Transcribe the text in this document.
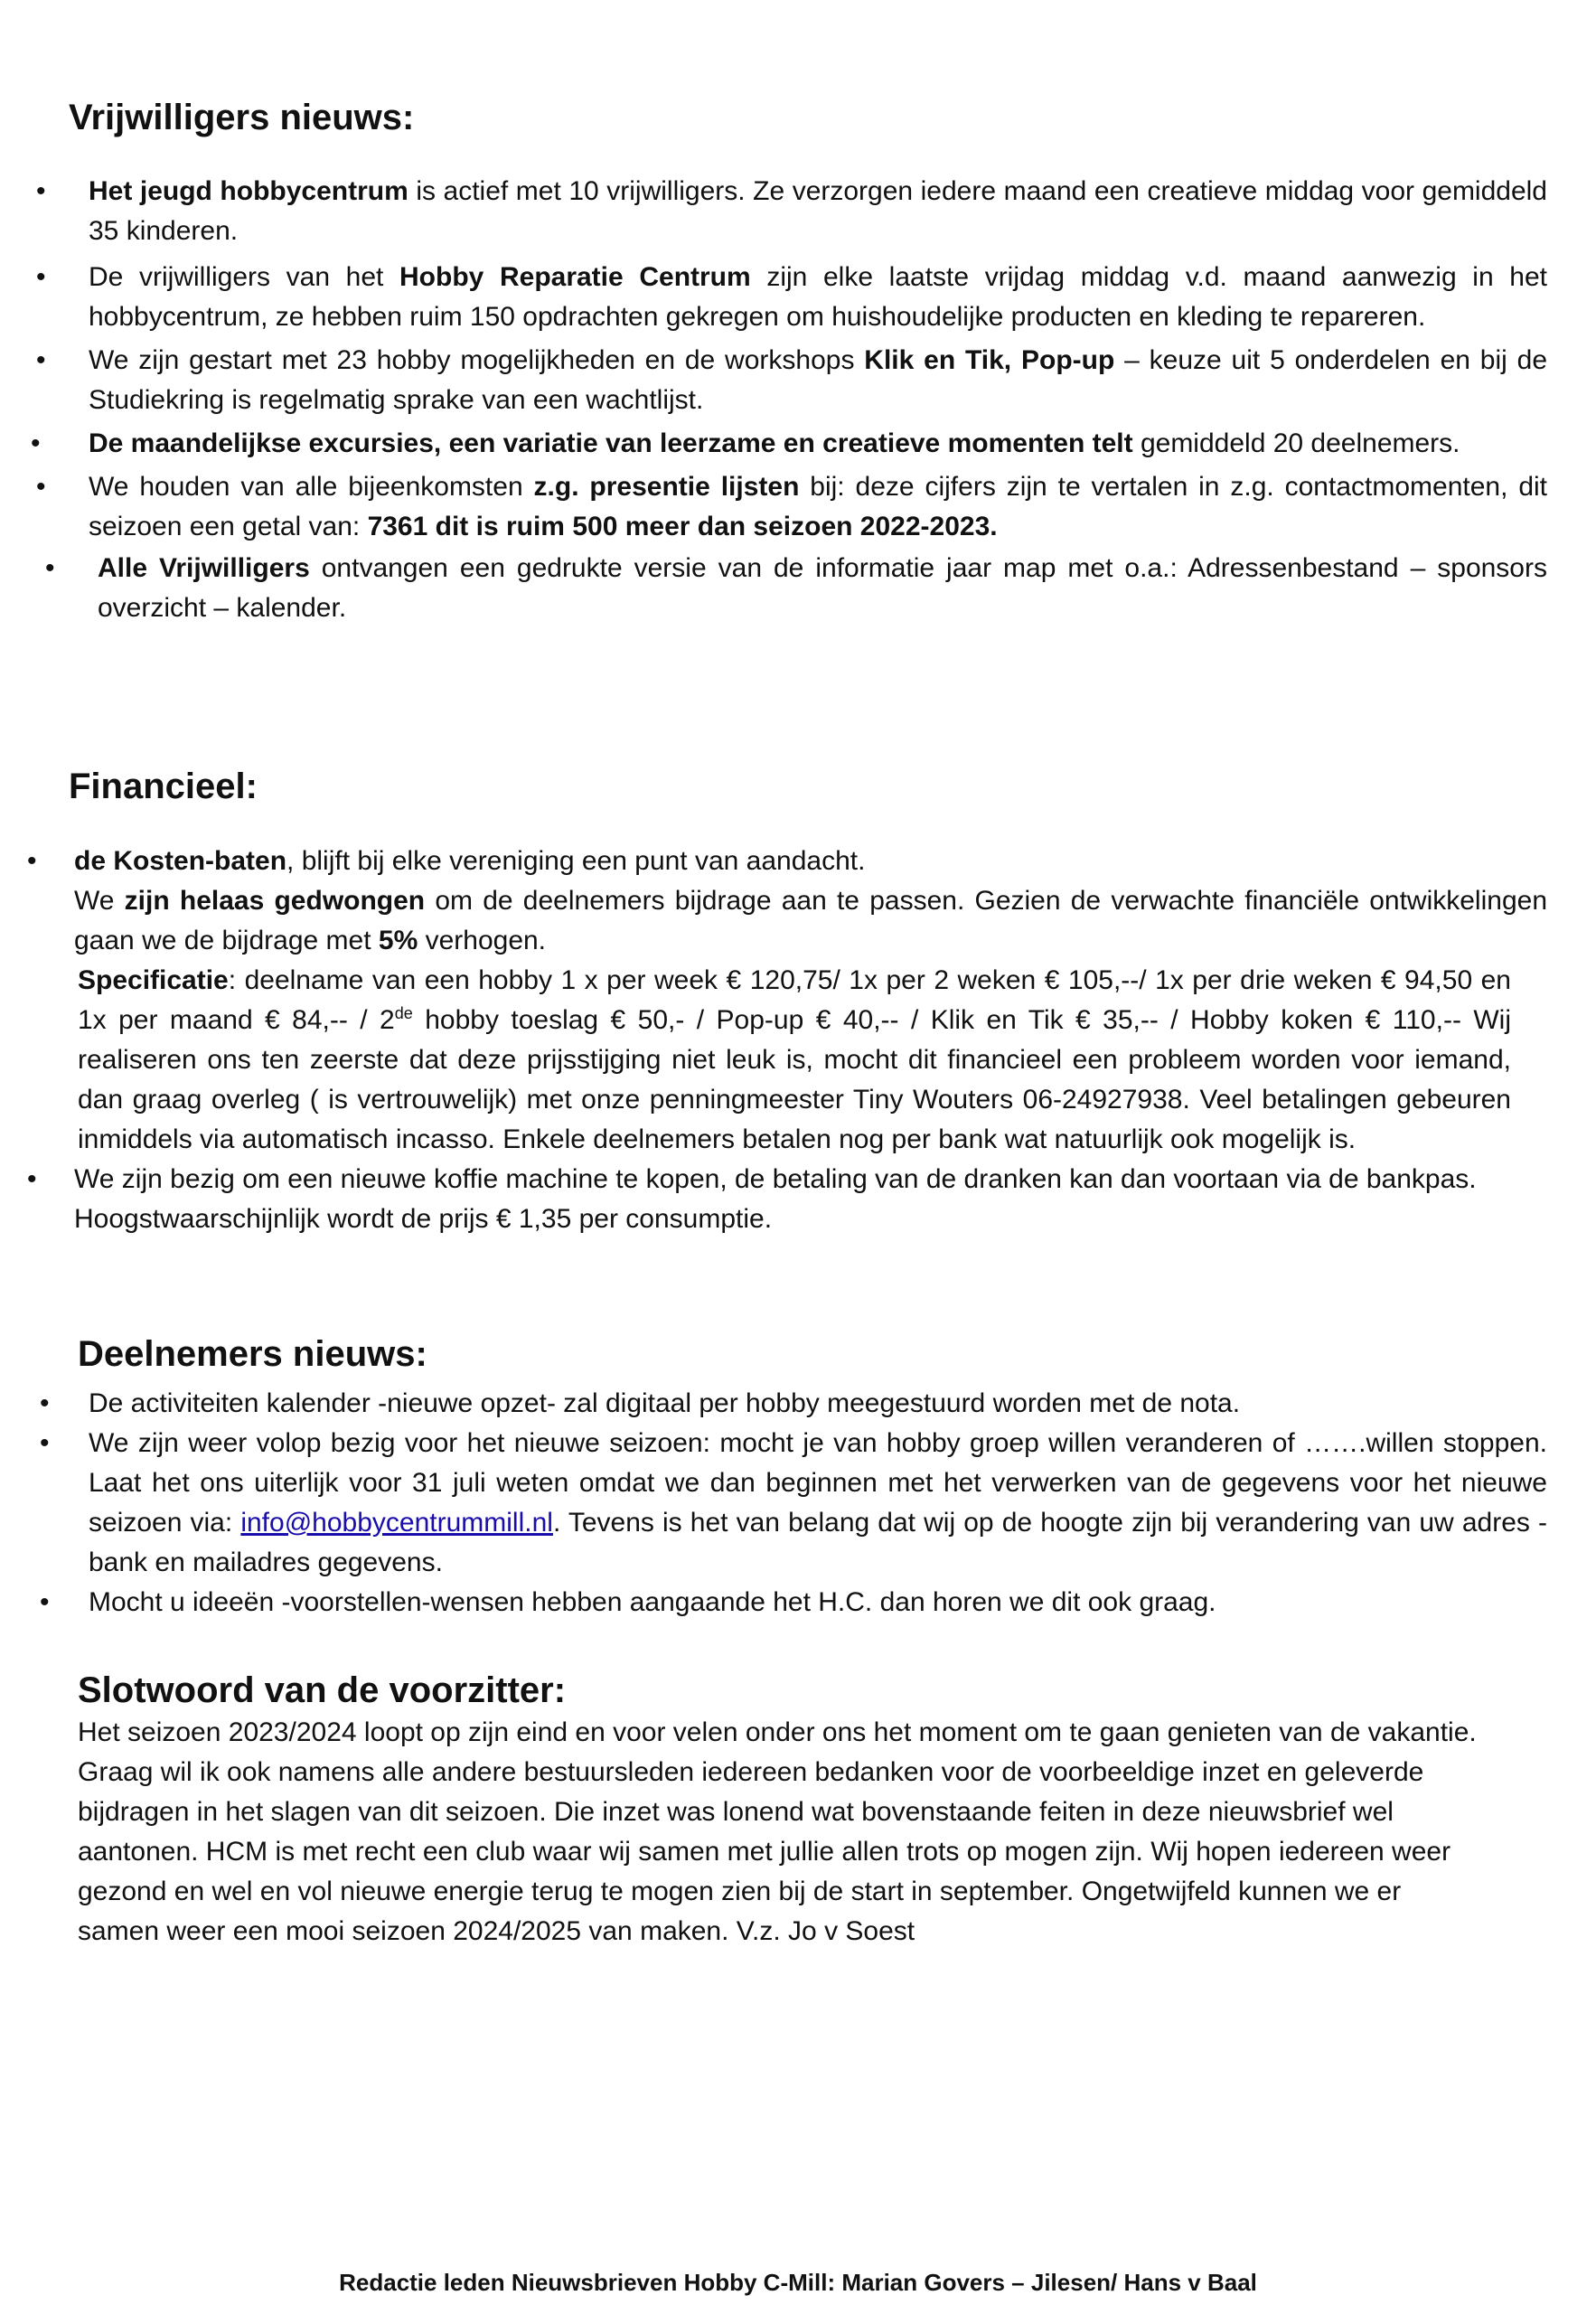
Vrijwilligers nieuws:
• Het jeugd hobbycentrum is actief met 10 vrijwilligers. Ze verzorgen iedere maand een creatieve middag voor gemiddeld 35 kinderen.
• De vrijwilligers van het Hobby Reparatie Centrum zijn elke laatste vrijdag middag v.d. maand aanwezig in het hobbycentrum, ze hebben ruim 150 opdrachten gekregen om huishoudelijke producten en kleding te repareren.
• We zijn gestart met 23 hobby mogelijkheden en de workshops Klik en Tik, Pop-up – keuze uit 5 onderdelen en bij de Studiekring is regelmatig sprake van een wachtlijst.
• De maandelijkse excursies, een variatie van leerzame en creatieve momenten telt gemiddeld 20 deelnemers.
• We houden van alle bijeenkomsten z.g. presentie lijsten bij: deze cijfers zijn te vertalen in z.g. contactmomenten, dit seizoen een getal van: 7361 dit is ruim 500 meer dan seizoen 2022-2023.
• Alle Vrijwilligers ontvangen een gedrukte versie van de informatie jaar map met o.a.: Adressenbestand – sponsors overzicht – kalender.
Financieel:
• de Kosten-baten, blijft bij elke vereniging een punt van aandacht.
We zijn helaas gedwongen om de deelnemers bijdrage aan te passen. Gezien de verwachte financiële ontwikkelingen gaan we de bijdrage met 5% verhogen.
Specificatie: deelname van een hobby 1 x per week € 120,75/ 1x per 2 weken € 105,--/ 1x per drie weken € 94,50 en 1x per maand € 84,-- / 2de hobby toeslag € 50,- / Pop-up € 40,-- / Klik en Tik € 35,-- / Hobby koken € 110,-- Wij realiseren ons ten zeerste dat deze prijsstijging niet leuk is, mocht dit financieel een probleem worden voor iemand, dan graag overleg ( is vertrouwelijk) met onze penningmeester Tiny Wouters 06-24927938. Veel betalingen gebeuren inmiddels via automatisch incasso. Enkele deelnemers betalen nog per bank wat natuurlijk ook mogelijk is.
• We zijn bezig om een nieuwe koffie machine te kopen, de betaling van de dranken kan dan voortaan via de bankpas. Hoogstwaarschijnlijk wordt de prijs € 1,35 per consumptie.
Deelnemers nieuws:
• De activiteiten kalender -nieuwe opzet- zal digitaal per hobby meegestuurd worden met de nota.
• We zijn weer volop bezig voor het nieuwe seizoen: mocht je van hobby groep willen veranderen of …….willen stoppen. Laat het ons uiterlijk voor 31 juli weten omdat we dan beginnen met het verwerken van de gegevens voor het nieuwe seizoen via: info@hobbycentrummill.nl. Tevens is het van belang dat wij op de hoogte zijn bij verandering van uw adres -bank en mailadres gegevens.
• Mocht u ideeën -voorstellen-wensen hebben aangaande het H.C. dan horen we dit ook graag.
Slotwoord van de voorzitter:

Het seizoen 2023/2024 loopt op zijn eind en voor velen onder ons het moment om te gaan genieten van de vakantie. Graag wil ik ook namens alle andere bestuursleden iedereen bedanken voor de voorbeeldige inzet en geleverde bijdragen in het slagen van dit seizoen. Die inzet was lonend wat bovenstaande feiten in deze nieuwsbrief wel aantonen. HCM is met recht een club waar wij samen met jullie allen trots op mogen zijn. Wij hopen iedereen weer gezond en wel en vol nieuwe energie terug te mogen zien bij de start in september. Ongetwijfeld kunnen we er samen weer een mooi seizoen 2024/2025 van maken. V.z. Jo v Soest

Redactie leden Nieuwsbrieven Hobby C-Mill: Marian Govers – Jilesen/ Hans v Baal
